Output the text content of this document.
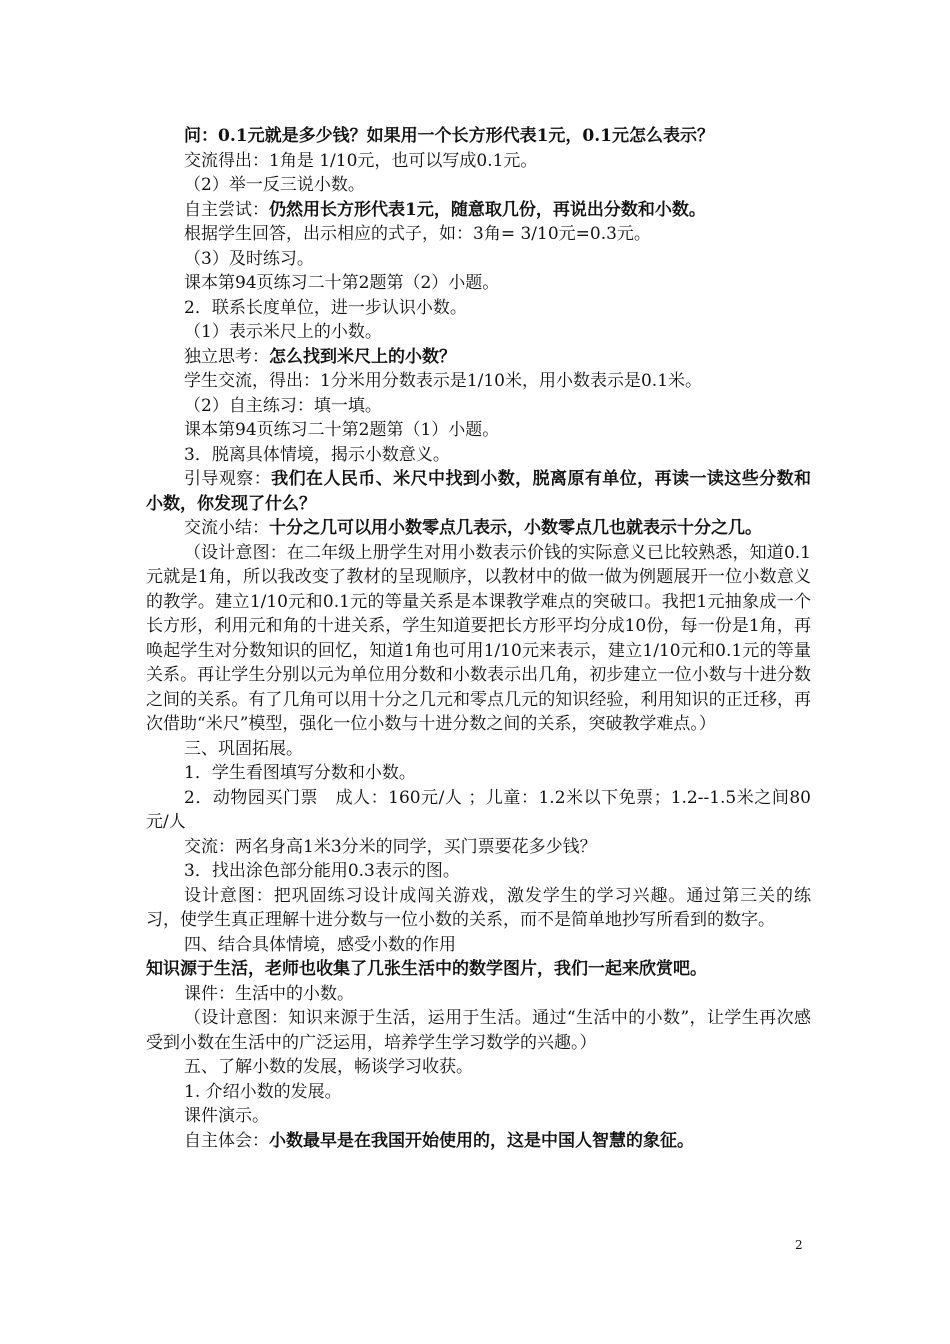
问：0.1元就是多少钱？如果用一个长方形代表1元，0.1元怎么表示？
交流得出：1角是 1/10元，也可以写成0.1元。
（2）举一反三说小数。
自主尝试：仍然用长方形代表1元，随意取几份，再说出分数和小数。
根据学生回答，出示相应的式子，如：3角= 3/10元=0.3元。
（3）及时练习。
课本第94页练习二十第2题第（2）小题。
2．联系长度单位，进一步认识小数。
（1）表示米尺上的小数。
独立思考：怎么找到米尺上的小数？
学生交流，得出：1分米用分数表示是1/10米，用小数表示是0.1米。
（2）自主练习：填一填。
课本第94页练习二十第2题第（1）小题。
3．脱离具体情境，揭示小数意义。
引导观察：我们在人民币、米尺中找到小数，脱离原有单位，再读一读这些分数和小数，你发现了什么？
交流小结：十分之几可以用小数零点几表示，小数零点几也就表示十分之几。
（设计意图：在二年级上册学生对用小数表示价钱的实际意义已比较熟悉，知道0.1元就是1角，所以我改变了教材的呈现顺序，以教材中的做一做为例题展开一位小数意义的教学。建立1/10元和0.1元的等量关系是本课教学难点的突破口。我把1元抽象成一个长方形，利用元和角的十进关系，学生知道要把长方形平均分成10份，每一份是1角，再唤起学生对分数知识的回忆，知道1角也可用1/10元来表示，建立1/10元和0.1元的等量关系。再让学生分别以元为单位用分数和小数表示出几角，初步建立一位小数与十进分数之间的关系。有了几角可以用十分之几元和零点几元的知识经验，利用知识的正迁移，再次借助“米尺”模型，强化一位小数与十进分数之间的关系，突破教学难点。）
三、巩固拓展。
1．学生看图填写分数和小数。
2．动物园买门票　成人：160元/人 ；儿童：1.2米以下免票；1.2--1.5米之间80元/人
交流：两名身高1米3分米的同学，买门票要花多少钱？
3．找出涂色部分能用0.3表示的图。
设计意图：把巩固练习设计成闯关游戏，激发学生的学习兴趣。通过第三关的练习，使学生真正理解十进分数与一位小数的关系，而不是简单地抄写所看到的数字。
四、结合具体情境，感受小数的作用
知识源于生活，老师也收集了几张生活中的数学图片，我们一起来欣赏吧。
课件：生活中的小数。
（设计意图：知识来源于生活，运用于生活。通过“生活中的小数”，让学生再次感受到小数在生活中的广泛运用，培养学生学习数学的兴趣。）
五、了解小数的发展，畅谈学习收获。
1. 介绍小数的发展。
课件演示。
自主体会：小数最早是在我国开始使用的，这是中国人智慧的象征。
2
